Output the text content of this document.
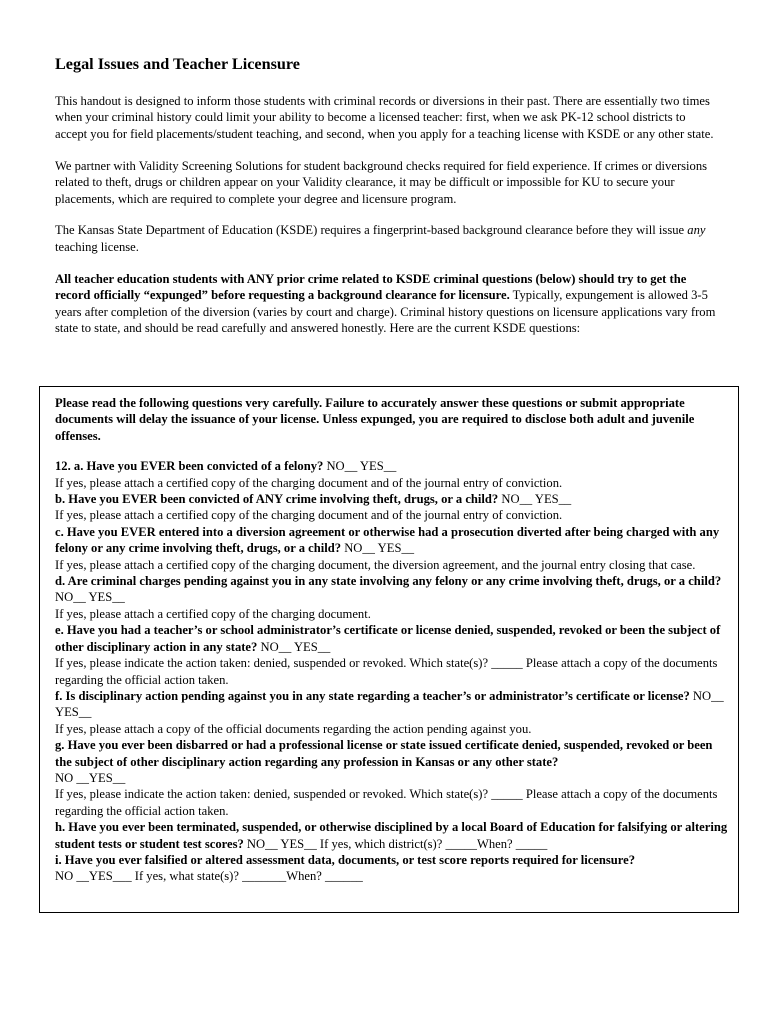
Legal Issues and Teacher Licensure

This handout is designed to inform those students with criminal records or diversions in their past. There are essentially two times when your criminal history could limit your ability to become a licensed teacher: first, when we ask PK-12 school districts to accept you for field placements/student teaching, and second, when you apply for a teaching license with KSDE or any other state.

We partner with Validity Screening Solutions for student background checks required for field experience. If crimes or diversions related to theft, drugs or children appear on your Validity clearance, it may be difficult or impossible for KU to secure your placements, which are required to complete your degree and licensure program.

The Kansas State Department of Education (KSDE) requires a fingerprint-based background clearance before they will issue any teaching license.

All teacher education students with ANY prior crime related to KSDE criminal questions (below) should try to get the record officially “expunged” before requesting a background clearance for licensure. Typically, expungement is allowed 3-5 years after completion of the diversion (varies by court and charge). Criminal history questions on licensure applications vary from state to state, and should be read carefully and answered honestly. Here are the current KSDE questions:

Please read the following questions very carefully. Failure to accurately answer these questions or submit appropriate documents will delay the issuance of your license. Unless expunged, you are required to disclose both adult and juvenile offenses.
12. a. Have you EVER been convicted of a felony? NO__ YES__
If yes, please attach a certified copy of the charging document and of the journal entry of conviction.
b. Have you EVER been convicted of ANY crime involving theft, drugs, or a child? NO__ YES__
If yes, please attach a certified copy of the charging document and of the journal entry of conviction.
c. Have you EVER entered into a diversion agreement or otherwise had a prosecution diverted after being charged with any felony or any crime involving theft, drugs, or a child? NO__ YES__
If yes, please attach a certified copy of the charging document, the diversion agreement, and the journal entry closing that case.
d. Are criminal charges pending against you in any state involving any felony or any crime involving theft, drugs, or a child? NO__ YES__
If yes, please attach a certified copy of the charging document.
e. Have you had a teacher’s or school administrator’s certificate or license denied, suspended, revoked or been the subject of other disciplinary action in any state? NO__ YES__
If yes, please indicate the action taken: denied, suspended or revoked. Which state(s)? _____ Please attach a copy of the documents regarding the official action taken.
f. Is disciplinary action pending against you in any state regarding a teacher’s or administrator’s certificate or license? NO__ YES__
If yes, please attach a copy of the official documents regarding the action pending against you.
g. Have you ever been disbarred or had a professional license or state issued certificate denied, suspended, revoked or been the subject of other disciplinary action regarding any profession in Kansas or any other state?
NO __YES__
If yes, please indicate the action taken: denied, suspended or revoked. Which state(s)? _____ Please attach a copy of the documents regarding the official action taken.
h. Have you ever been terminated, suspended, or otherwise disciplined by a local Board of Education for falsifying or altering student tests or student test scores? NO__ YES__ If yes, which district(s)? _____When? _____
i. Have you ever falsified or altered assessment data, documents, or test score reports required for licensure?
NO __YES___ If yes, what state(s)? _______When? ______
